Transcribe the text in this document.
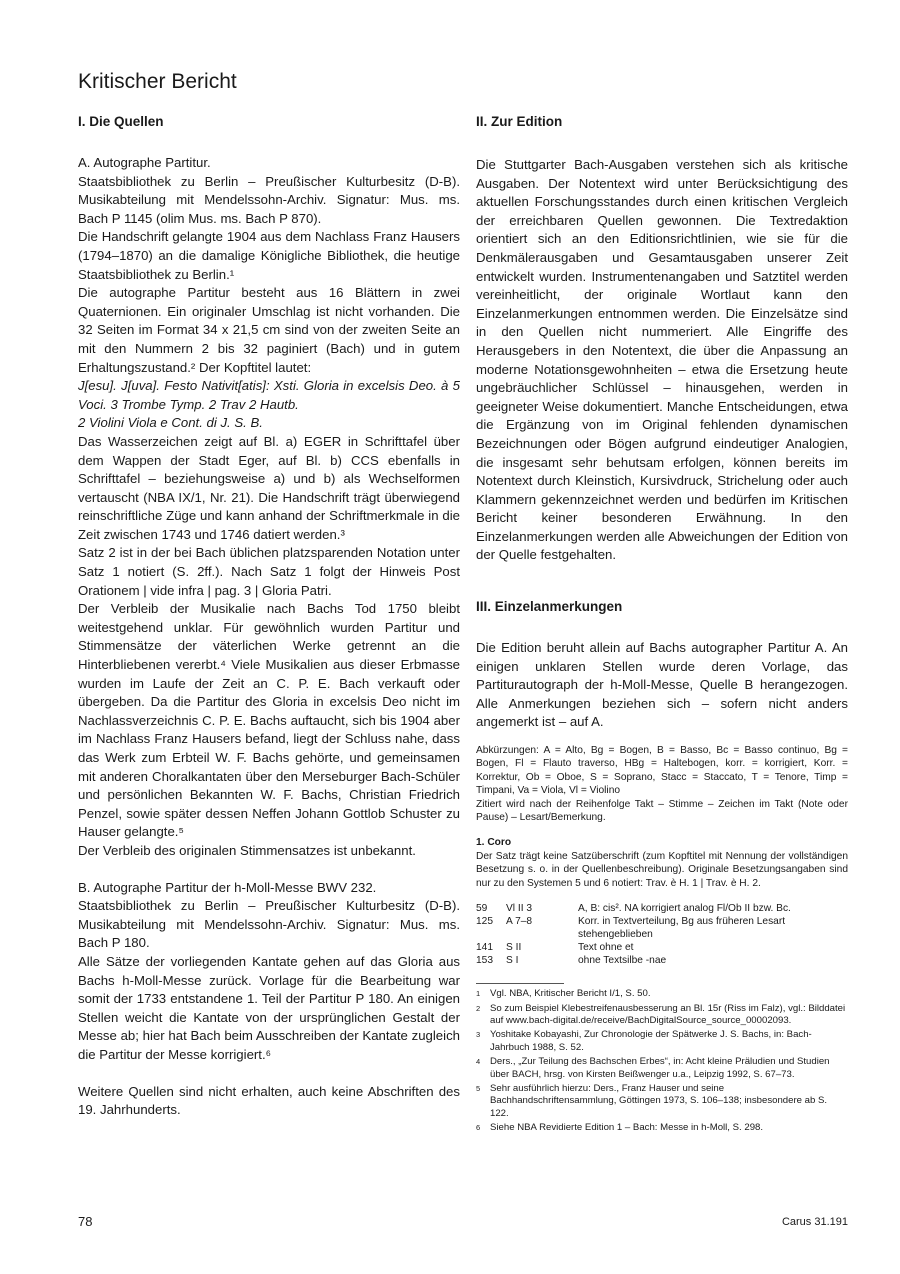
Kritischer Bericht
I. Die Quellen

A. Autographe Partitur.

Staatsbibliothek zu Berlin – Preußischer Kulturbesitz (D-B). Musikabteilung mit Mendelssohn-Archiv. Signatur: Mus. ms. Bach P 1145 (olim Mus. ms. Bach P 870).

Die Handschrift gelangte 1904 aus dem Nachlass Franz Hausers (1794–1870) an die damalige Königliche Bibliothek, die heutige Staatsbibliothek zu Berlin.¹

Die autographe Partitur besteht aus 16 Blättern in zwei Quaternionen. Ein originaler Umschlag ist nicht vorhanden. Die 32 Seiten im Format 34 x 21,5 cm sind von der zweiten Seite an mit den Nummern 2 bis 32 paginiert (Bach) und in gutem Erhaltungszustand.² Der Kopftitel lautet:

J[esu]. J[uva]. Festo Nativit[atis]: Xsti. Gloria in excelsis Deo. à 5 Voci. 3 Trombe Tymp. 2 Trav 2 Hautb.

2 Violini Viola e Cont. di J. S. B.

Das Wasserzeichen zeigt auf Bl. a) EGER in Schrifttafel über dem Wappen der Stadt Eger, auf Bl. b) CCS ebenfalls in Schrifttafel – beziehungsweise a) und b) als Wechselformen vertauscht (NBA IX/1, Nr. 21). Die Handschrift trägt überwiegend reinschriftliche Züge und kann anhand der Schriftmerkmale in die Zeit zwischen 1743 und 1746 datiert werden.³

Satz 2 ist in der bei Bach üblichen platzsparenden Notation unter Satz 1 notiert (S. 2ff.). Nach Satz 1 folgt der Hinweis Post Orationem | vide infra | pag. 3 | Gloria Patri.

Der Verbleib der Musikalie nach Bachs Tod 1750 bleibt weitestgehend unklar. Für gewöhnlich wurden Partitur und Stimmensätze der väterlichen Werke getrennt an die Hinterbliebenen vererbt.⁴ Viele Musikalien aus dieser Erbmasse wurden im Laufe der Zeit an C. P. E. Bach verkauft oder übergeben. Da die Partitur des Gloria in excelsis Deo nicht im Nachlassverzeichnis C. P. E. Bachs auftaucht, sich bis 1904 aber im Nachlass Franz Hausers befand, liegt der Schluss nahe, dass das Werk zum Erbteil W. F. Bachs gehörte, und gemeinsamen mit anderen Choralkantaten über den Merseburger Bach-Schüler und persönlichen Bekannten W. F. Bachs, Christian Friedrich Penzel, sowie später dessen Neffen Johann Gottlob Schuster zu Hauser gelangte.⁵

Der Verbleib des originalen Stimmensatzes ist unbekannt.

B. Autographe Partitur der h-Moll-Messe BWV 232.

Staatsbibliothek zu Berlin – Preußischer Kulturbesitz (D-B). Musikabteilung mit Mendelssohn-Archiv. Signatur: Mus. ms. Bach P 180.

Alle Sätze der vorliegenden Kantate gehen auf das Gloria aus Bachs h-Moll-Messe zurück. Vorlage für die Bearbeitung war somit der 1733 entstandene 1. Teil der Partitur P 180. An einigen Stellen weicht die Kantate von der ursprünglichen Gestalt der Messe ab; hier hat Bach beim Ausschreiben der Kantate zugleich die Partitur der Messe korrigiert.⁶

Weitere Quellen sind nicht erhalten, auch keine Abschriften des 19. Jahrhunderts.

II. Zur Edition

Die Stuttgarter Bach-Ausgaben verstehen sich als kritische Ausgaben. Der Notentext wird unter Berücksichtigung des aktuellen Forschungsstandes durch einen kritischen Vergleich der erreichbaren Quellen gewonnen. Die Textredaktion orientiert sich an den Editionsrichtlinien, wie sie für die Denkmälerausgaben und Gesamtausgaben unserer Zeit entwickelt wurden. Instrumentenangaben und Satztitel werden vereinheitlicht, der originale Wortlaut kann den Einzelanmerkungen entnommen werden. Die Einzelsätze sind in den Quellen nicht nummeriert. Alle Eingriffe des Herausgebers in den Notentext, die über die Anpassung an moderne Notationsgewohnheiten – etwa die Ersetzung heute ungebräuchlicher Schlüssel – hinausgehen, werden in geeigneter Weise dokumentiert. Manche Entscheidungen, etwa die Ergänzung von im Original fehlenden dynamischen Bezeichnungen oder Bögen aufgrund eindeutiger Analogien, die insgesamt sehr behutsam erfolgen, können bereits im Notentext durch Kleinstich, Kursivdruck, Strichelung oder auch Klammern gekennzeichnet werden und bedürfen im Kritischen Bericht keiner besonderen Erwähnung. In den Einzelanmerkungen werden alle Abweichungen der Edition von der Quelle festgehalten.

III. Einzelanmerkungen

Die Edition beruht allein auf Bachs autographer Partitur A. An einigen unklaren Stellen wurde deren Vorlage, das Partiturautograph der h-Moll-Messe, Quelle B herangezogen. Alle Anmerkungen beziehen sich – sofern nicht anders angemerkt ist – auf A.

Abkürzungen: A = Alto, Bg = Bogen, B = Basso, Bc = Basso continuo, Bg = Bogen, Fl = Flauto traverso, HBg = Haltebogen, korr. = korrigiert, Korr. = Korrektur, Ob = Oboe, S = Soprano, Stacc = Staccato, T = Tenore, Timp = Timpani, Va = Viola, Vl = Violino

Zitiert wird nach der Reihenfolge Takt – Stimme – Zeichen im Takt (Note oder Pause) – Lesart/Bemerkung.

1. Coro

Der Satz trägt keine Satzüberschrift (zum Kopftitel mit Nennung der vollständigen Besetzung s. o. in der Quellenbeschreibung). Originale Besetzungsangaben sind nur zu den Systemen 5 und 6 notiert: Trav. è H. 1 | Trav. è H. 2.

59	Vl II 3	A, B: cis². NA korrigiert analog Fl/Ob II bzw. Bc.
125	A 7–8	Korr. in Textverteilung, Bg aus früheren Lesart stehengeblieben
141	S II	Text ohne et
153	S I	ohne Textsilbe -nae
1	Vgl. NBA, Kritischer Bericht I/1, S. 50.
2	So zum Beispiel Klebestreifenausbesserung an Bl. 15r (Riss im Falz), vgl.: Bilddatei auf www.bach-digital.de/receive/BachDigitalSource_source_00002093.
3	Yoshitake Kobayashi, Zur Chronologie der Spätwerke J. S. Bachs, in: Bach-Jahrbuch 1988, S. 52.
4	Ders., „Zur Teilung des Bachschen Erbes“, in: Acht kleine Präludien und Studien über BACH, hrsg. von Kirsten Beißwenger u.a., Leipzig 1992, S. 67–73.
5	Sehr ausführlich hierzu: Ders., Franz Hauser und seine Bachhandschriftensammlung, Göttingen 1973, S. 106–138; insbesondere ab S. 122.
6	Siehe NBA Revidierte Edition 1 – Bach: Messe in h-Moll, S. 298.
78	Carus 31.191
